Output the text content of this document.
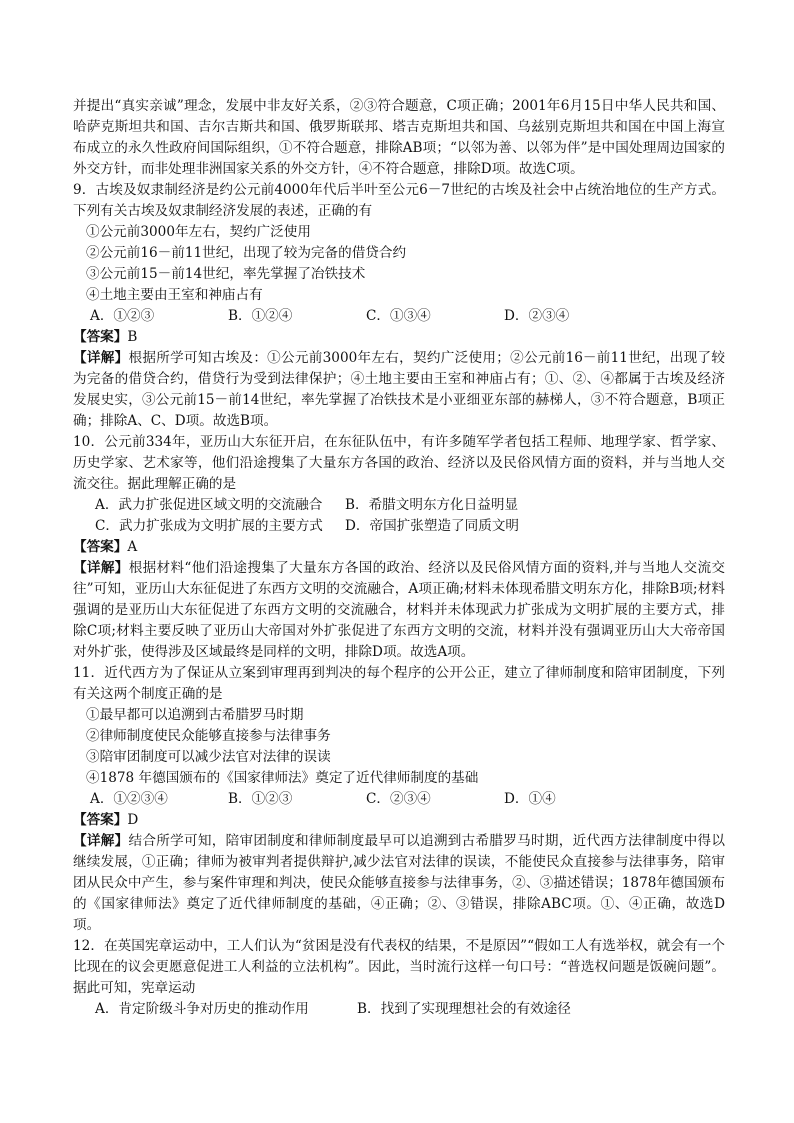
并提出“真实亲诚”理念，发展中非友好关系，②③符合题意，C项正确；2001年6月15日中华人民共和国、哈萨克斯坦共和国、吉尔吉斯共和国、俄罗斯联邦、塔吉克斯坦共和国、乌兹别克斯坦共和国在中国上海宣布成立的永久性政府间国际组织，①不符合题意，排除AB项；“以邻为善、以邻为伴”是中国处理周边国家的外交方针，而非处理非洲国家关系的外交方针，④不符合题意，排除D项。故选C项。

9．古埃及奴隶制经济是约公元前4000年代后半叶至公元6－7世纪的古埃及社会中占统治地位的生产方式。下列有关古埃及奴隶制经济发展的表述，正确的有

①公元前3000年左右，契约广泛使用

②公元前16－前11世纪，出现了较为完备的借贷合约

③公元前15－前14世纪，率先掌握了冶铁技术

④土地主要由王室和神庙占有

A．①②③	B．①②④	C．①③④	D．②③④

【答案】B

【详解】根据所学可知古埃及：①公元前3000年左右，契约广泛使用；②公元前16－前11世纪，出现了较为完备的借贷合约，借贷行为受到法律保护；④土地主要由王室和神庙占有；①、②、④都属于古埃及经济发展史实，③公元前15－前14世纪，率先掌握了冶铁技术是小亚细亚东部的赫梯人，③不符合题意，B项正确；排除A、C、D项。故选B项。

10．公元前334年，亚历山大东征开启，在东征队伍中，有许多随军学者包括工程师、地理学家、哲学家、历史学家、艺术家等，他们沿途搜集了大量东方各国的政治、经济以及民俗风情方面的资料，并与当地人交流交往。据此理解正确的是

A．武力扩张促进区域文明的交流融合	B．希腊文明东方化日益明显
C．武力扩张成为文明扩展的主要方式	D．帝国扩张塑造了同质文明

【答案】A

【详解】根据材料“他们沿途搜集了大量东方各国的政治、经济以及民俗风情方面的资料,并与当地人交流交往”可知，亚历山大东征促进了东西方文明的交流融合，A项正确;材料未体现希腊文明东方化，排除B项;材料强调的是亚历山大东征促进了东西方文明的交流融合，材料并未体现武力扩张成为文明扩展的主要方式，排除C项;材料主要反映了亚历山大帝国对外扩张促进了东西方文明的交流，材料并没有强调亚历山大大帝帝国对外扩张，使得涉及区域最终是同样的文明，排除D项。故选A项。

11．近代西方为了保证从立案到审理再到判决的每个程序的公开公正，建立了律师制度和陪审团制度，下列有关这两个制度正确的是

①最早都可以追溯到古希腊罗马时期

②律师制度使民众能够直接参与法律事务

③陪审团制度可以减少法官对法律的误读

④1878 年德国颁布的《国家律师法》奠定了近代律师制度的基础

A．①②③④	B．①②③	C．②③④	D．①④

【答案】D

【详解】结合所学可知，陪审团制度和律师制度最早可以追溯到古希腊罗马时期，近代西方法律制度中得以继续发展，①正确；律师为被审判者提供辩护,减少法官对法律的误读，不能使民众直接参与法律事务，陪审团从民众中产生，参与案件审理和判决，使民众能够直接参与法律事务，②、③描述错误；1878年德国颁布的《国家律师法》奠定了近代律师制度的基础，④正确；②、③错误，排除ABC项。①、④正确，故选D项。

12．在英国宪章运动中，工人们认为“贫困是没有代表权的结果，不是原因”“假如工人有选举权，就会有一个比现在的议会更愿意促进工人利益的立法机构”。因此，当时流行这样一句口号：“普选权问题是饭碗问题”。据此可知，宪章运动

A．肯定阶级斗争对历史的推动作用	B．找到了实现理想社会的有效途径
